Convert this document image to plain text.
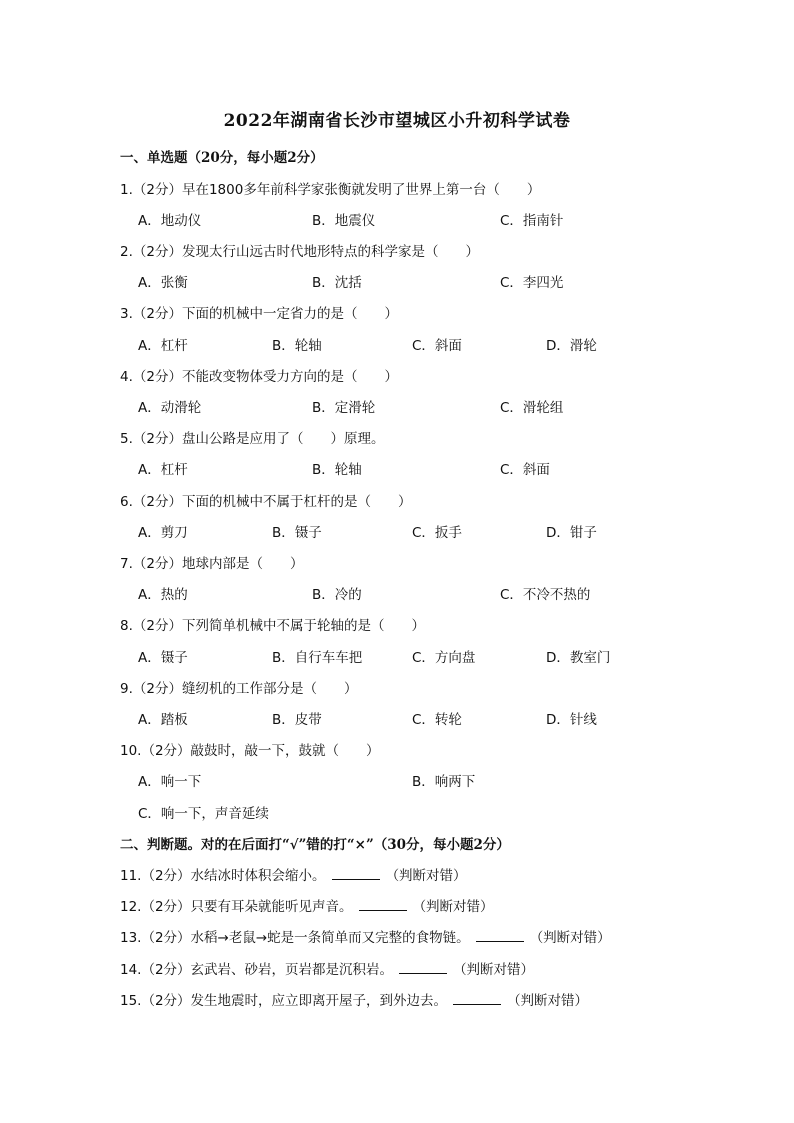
2022年湖南省长沙市望城区小升初科学试卷
一、单选题（20分，每小题2分）
1.（2分）早在1800多年前科学家张衡就发明了世界上第一台（　　）
A．地动仪	B．地震仪	C．指南针
2.（2分）发现太行山远古时代地形特点的科学家是（　　）
A．张衡	B．沈括	C．李四光
3.（2分）下面的机械中一定省力的是（　　）
A．杠杆	B．轮轴	C．斜面	D．滑轮
4.（2分）不能改变物体受力方向的是（　　）
A．动滑轮	B．定滑轮	C．滑轮组
5.（2分）盘山公路是应用了（　　）原理。
A．杠杆	B．轮轴	C．斜面
6.（2分）下面的机械中不属于杠杆的是（　　）
A．剪刀	B．镊子	C．扳手	D．钳子
7.（2分）地球内部是（　　）
A．热的	B．冷的	C．不冷不热的
8.（2分）下列简单机械中不属于轮轴的是（　　）
A．镊子	B．自行车车把	C．方向盘	D．教室门
9.（2分）缝纫机的工作部分是（　　）
A．踏板	B．皮带	C．转轮	D．针线
10.（2分）敲鼓时，敲一下，鼓就（　　）
A．响一下	B．响两下
C．响一下，声音延续
二、判断题。对的在后面打“√”错的打“×”（30分，每小题2分）
11.（2分）水结冰时体积会缩小。	（判断对错）
12.（2分）只要有耳朵就能听见声音。	（判断对错）
13.（2分）水稻→老鼠→蛇是一条简单而又完整的食物链。	（判断对错）
14.（2分）玄武岩、砂岩，页岩都是沉积岩。	（判断对错）
15.（2分）发生地震时，应立即离开屋子，到外边去。	（判断对错）
